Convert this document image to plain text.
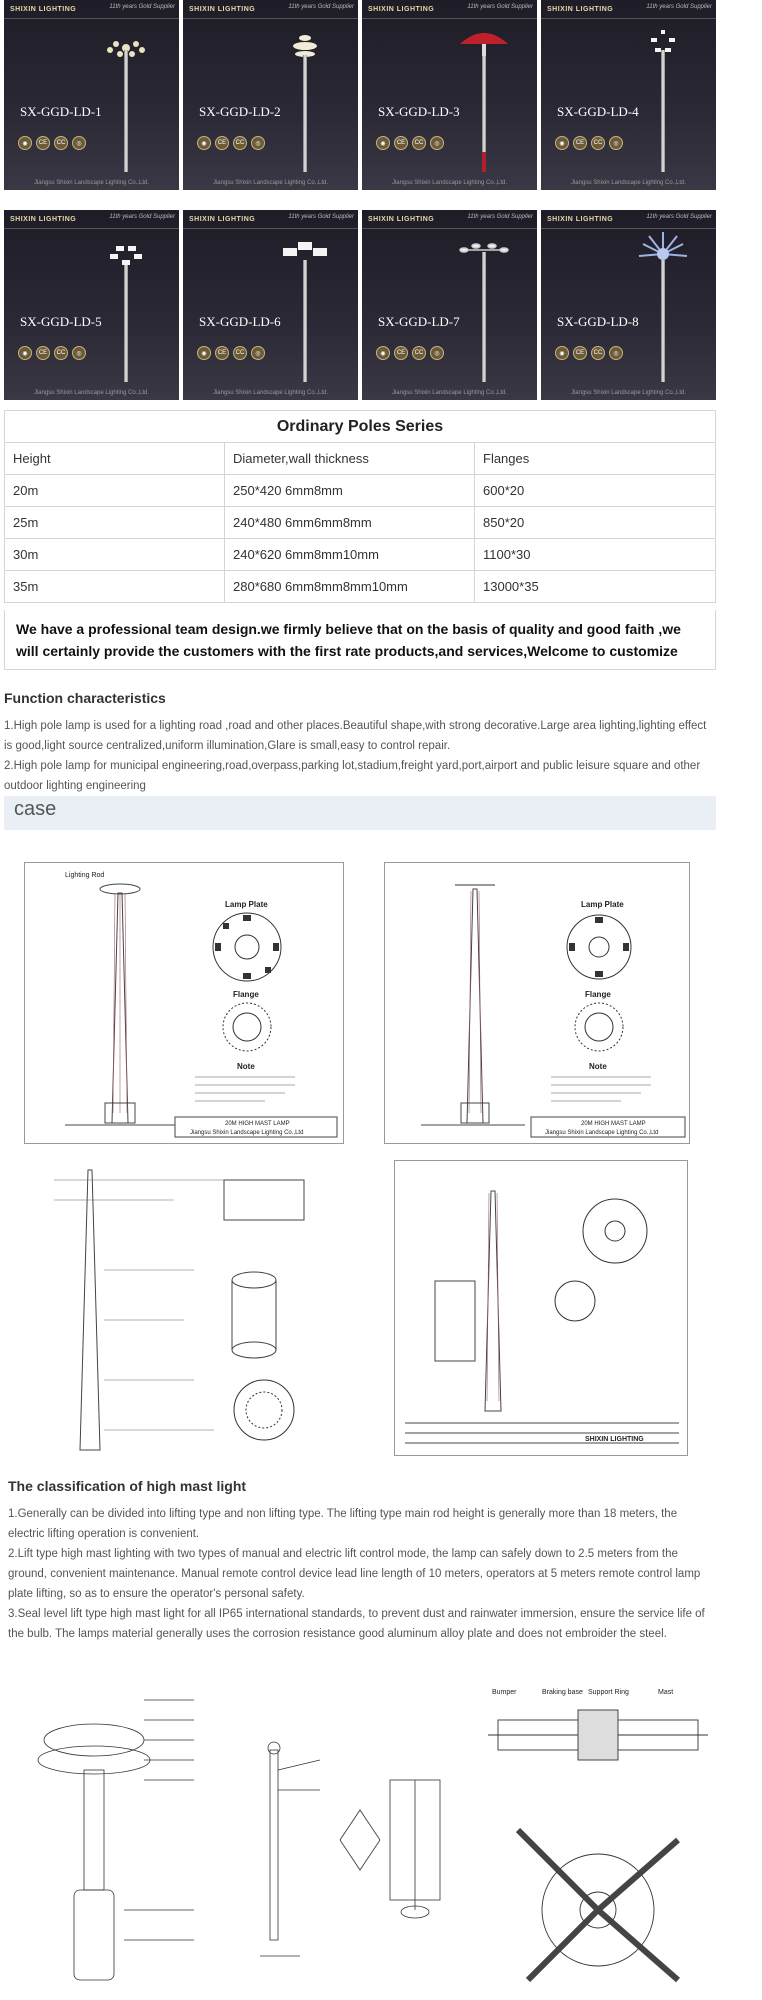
SHIXIN LIGHTING	11th years Gold Supplier
SX-GGD-LD-1
◉	CE	CC	◎
Jiangsu Shixin Landscape Lighting Co.,Ltd.
SHIXIN LIGHTING	11th years Gold Supplier
SX-GGD-LD-2
◉	CE	CC	◎
Jiangsu Shixin Landscape Lighting Co.,Ltd.
SHIXIN LIGHTING	11th years Gold Supplier
SX-GGD-LD-3
◉	CE	CC	◎
Jiangsu Shixin Landscape Lighting Co.,Ltd.
SHIXIN LIGHTING	11th years Gold Supplier
SX-GGD-LD-4
◉	CE	CC	◎
Jiangsu Shixin Landscape Lighting Co.,Ltd.
SHIXIN LIGHTING	11th years Gold Supplier
SX-GGD-LD-5
◉	CE	CC	◎
Jiangsu Shixin Landscape Lighting Co.,Ltd.
SHIXIN LIGHTING	11th years Gold Supplier
SX-GGD-LD-6
◉	CE	CC	◎
Jiangsu Shixin Landscape Lighting Co.,Ltd.
SHIXIN LIGHTING	11th years Gold Supplier
SX-GGD-LD-7
◉	CE	CC	◎
Jiangsu Shixin Landscape Lighting Co.,Ltd.
SHIXIN LIGHTING	11th years Gold Supplier
SX-GGD-LD-8
◉	CE	CC	◎
Jiangsu Shixin Landscape Lighting Co.,Ltd.
Ordinary Poles Series		
Height	Diameter,wall thickness	Flanges
20m	250*420 6mm8mm	600*20
25m	240*480 6mm6mm8mm	850*20
30m	240*620 6mm8mm10mm	1100*30
35m	280*680 6mm8mm8mm10mm	13000*35
We have a professional team design.we firmly believe that on the basis of quality and good faith ,we will certainly provide the customers with the first rate products,and services,Welcome to customize
Function characteristics

1.High pole lamp is used for a lighting road ,road and other places.Beautiful shape,with strong decorative.Large area lighting,lighting effect is good,light source centralized,uniform illumination,Glare is small,easy to control repair.

2.High pole lamp for municipal engineering,road,overpass,parking lot,stadium,freight yard,port,airport and public leisure square and other outdoor lighting engineering

case
Lighting Rod
Lamp Plate
Flange
Note
20M HIGH MAST LAMP
Jiangsu Shixin Landscape Lighting Co.,Ltd
Lamp Plate
Flange
Note
20M HIGH MAST LAMP
Jiangsu Shixin Landscape Lighting Co.,Ltd
SHIXIN LIGHTING
The classification of high mast light

1.Generally can be divided into lifting type and non lifting type. The lifting type main rod height is generally more than 18 meters, the electric lifting operation is convenient.

2.Lift type high mast lighting with two types of manual and electric lift control mode, the lamp can safely down to 2.5 meters from the ground, convenient maintenance. Manual remote control device lead line length of 10 meters, operators at 5 meters remote control lamp plate lifting, so as to ensure the operator's personal safety.

3.Seal level lift type high mast light for all IP65 international standards, to prevent dust and rainwater immersion, ensure the service life of the bulb. The lamps material generally uses the corrosion resistance good aluminum alloy plate and does not embroider the steel.

Bumper	Braking base Support Ring	Mast
